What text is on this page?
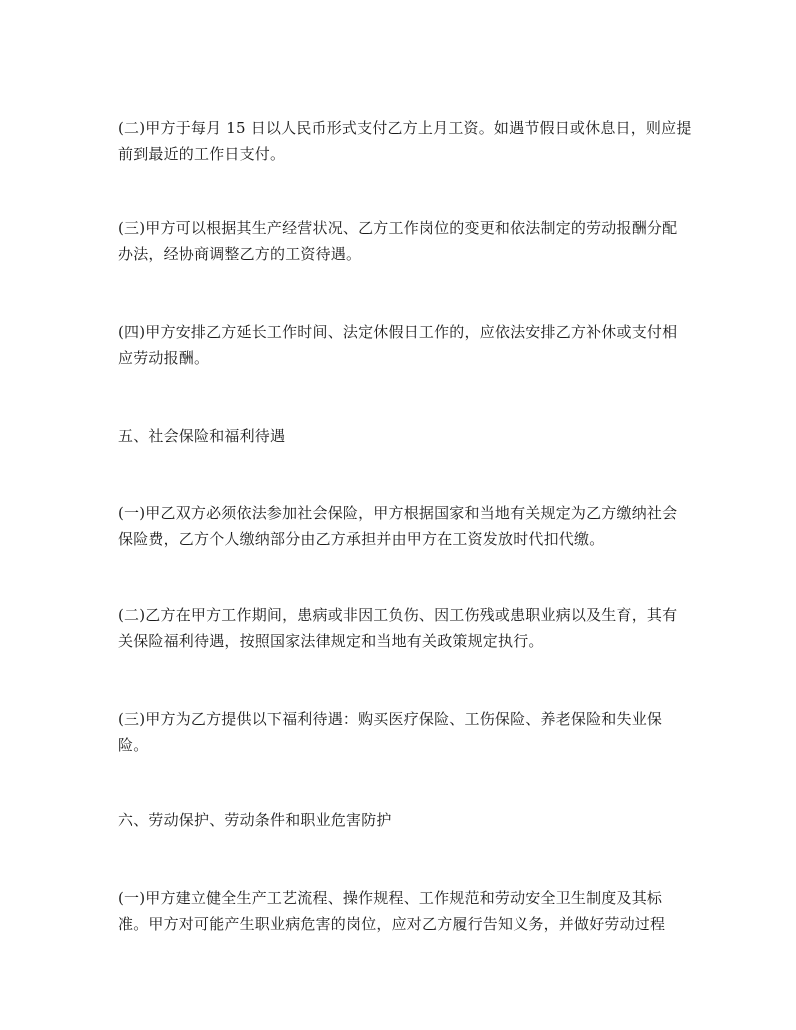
(二)甲方于每月 15 日以人民币形式支付乙方上月工资。如遇节假日或休息日，则应提前到最近的工作日支付。

(三)甲方可以根据其生产经营状况、乙方工作岗位的变更和依法制定的劳动报酬分配办法，经协商调整乙方的工资待遇。

(四)甲方安排乙方延长工作时间、法定休假日工作的，应依法安排乙方补休或支付相应劳动报酬。

五、社会保险和福利待遇

(一)甲乙双方必须依法参加社会保险，甲方根据国家和当地有关规定为乙方缴纳社会保险费，乙方个人缴纳部分由乙方承担并由甲方在工资发放时代扣代缴。

(二)乙方在甲方工作期间，患病或非因工负伤、因工伤残或患职业病以及生育，其有关保险福利待遇，按照国家法律规定和当地有关政策规定执行。

(三)甲方为乙方提供以下福利待遇：购买医疗保险、工伤保险、养老保险和失业保险。

六、劳动保护、劳动条件和职业危害防护

(一)甲方建立健全生产工艺流程、操作规程、工作规范和劳动安全卫生制度及其标准。甲方对可能产生职业病危害的岗位，应对乙方履行告知义务，并做好劳动过程
